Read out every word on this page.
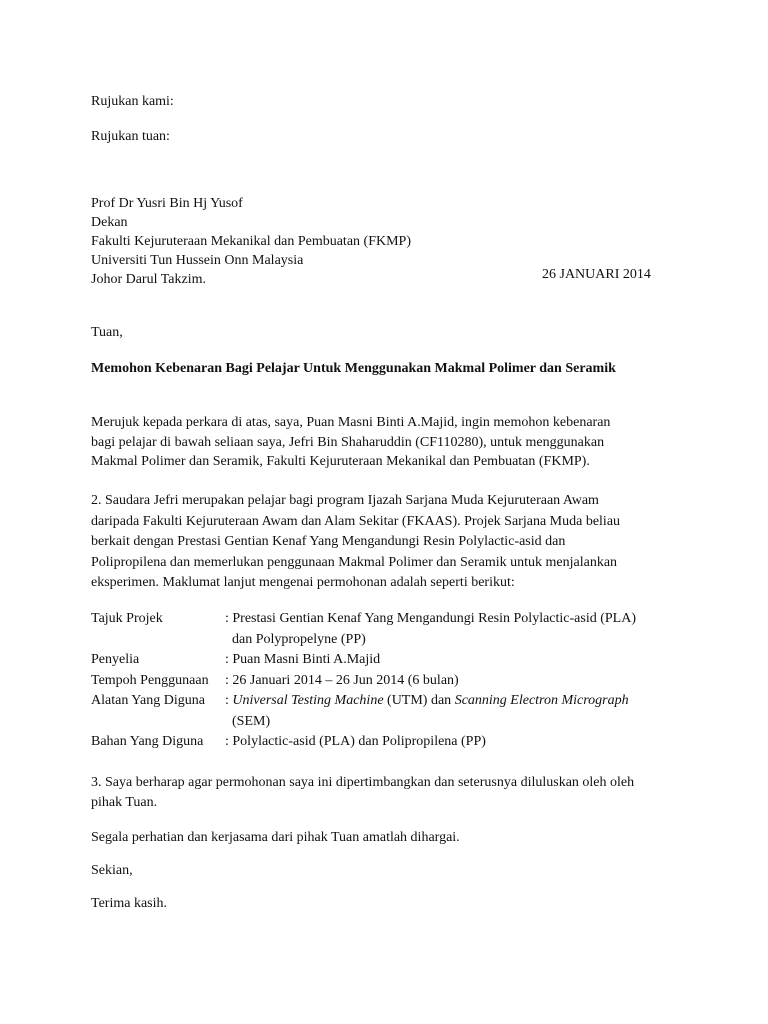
Rujukan kami:
Rujukan tuan:
Prof Dr Yusri Bin Hj Yusof
Dekan
Fakulti Kejuruteraan Mekanikal dan Pembuatan (FKMP)
Universiti Tun Hussein Onn Malaysia
Johor Darul Takzim.	26 JANUARI 2014
Tuan,
Memohon Kebenaran Bagi Pelajar Untuk Menggunakan Makmal Polimer dan Seramik
Merujuk kepada perkara di atas, saya, Puan Masni Binti A.Majid, ingin memohon kebenaran
bagi pelajar di bawah seliaan saya, Jefri Bin Shaharuddin (CF110280), untuk menggunakan
Makmal Polimer dan Seramik, Fakulti Kejuruteraan Mekanikal dan Pembuatan (FKMP).
2. Saudara Jefri merupakan pelajar bagi program Ijazah Sarjana Muda Kejuruteraan Awam
daripada Fakulti Kejuruteraan Awam dan Alam Sekitar (FKAAS). Projek Sarjana Muda beliau
berkait dengan Prestasi Gentian Kenaf Yang Mengandungi Resin Polylactic-asid dan
Polipropilena dan memerlukan penggunaan Makmal Polimer dan Seramik untuk menjalankan
eksperimen. Maklumat lanjut mengenai permohonan adalah seperti berikut:
Tajuk Projek	: Prestasi Gentian Kenaf Yang Mengandungi Resin Polylactic-asid (PLA)
dan Polypropelyne (PP)
Penyelia	: Puan Masni Binti A.Majid
Tempoh Penggunaan : 26 Januari 2014 – 26 Jun 2014 (6 bulan)
Alatan Yang Diguna : Universal Testing Machine (UTM) dan Scanning Electron Micrograph
(SEM)
Bahan Yang Diguna : Polylactic-asid (PLA) dan Polipropilena (PP)
3. Saya berharap agar permohonan saya ini dipertimbangkan dan seterusnya diluluskan oleh oleh
pihak Tuan.
Segala perhatian dan kerjasama dari pihak Tuan amatlah dihargai.
Sekian,
Terima kasih.
